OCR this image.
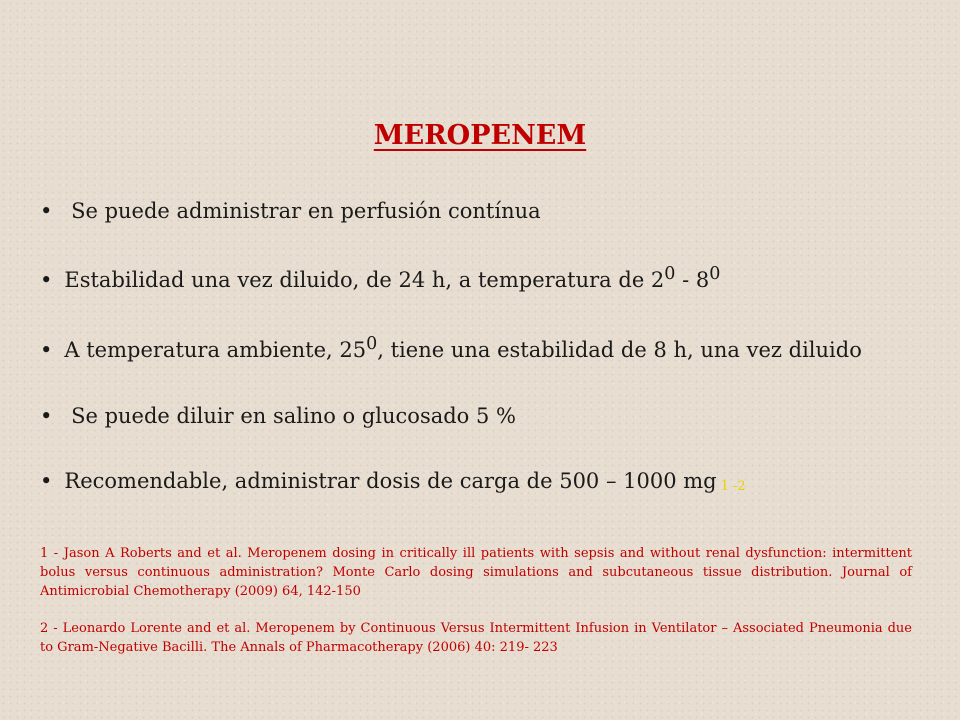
MEROPENEM
• Se puede administrar en perfusión contínua
• Estabilidad una vez diluido, de 24 h, a temperatura de $2^0 - 8^0$
• A temperatura ambiente, $25^0$, tiene una estabilidad de 8 h, una vez diluido
• Se puede diluir en salino o glucosado 5 %
• Recomendable, administrar dosis de carga de 500 – 1000 mg 1 -2

1 - Jason A Roberts and et al. Meropenem dosing in critically ill patients with sepsis and without renal dysfunction: intermittent bolus versus continuous administration? Monte Carlo dosing simulations and subcutaneous tissue distribution. Journal of Antimicrobial Chemotherapy (2009) 64, 142-150

2 - Leonardo Lorente and et al. Meropenem by Continuous Versus Intermittent Infusion in Ventilator – Associated Pneumonia due to Gram-Negative Bacilli. The Annals of Pharmacotherapy (2006) 40: 219- 223
